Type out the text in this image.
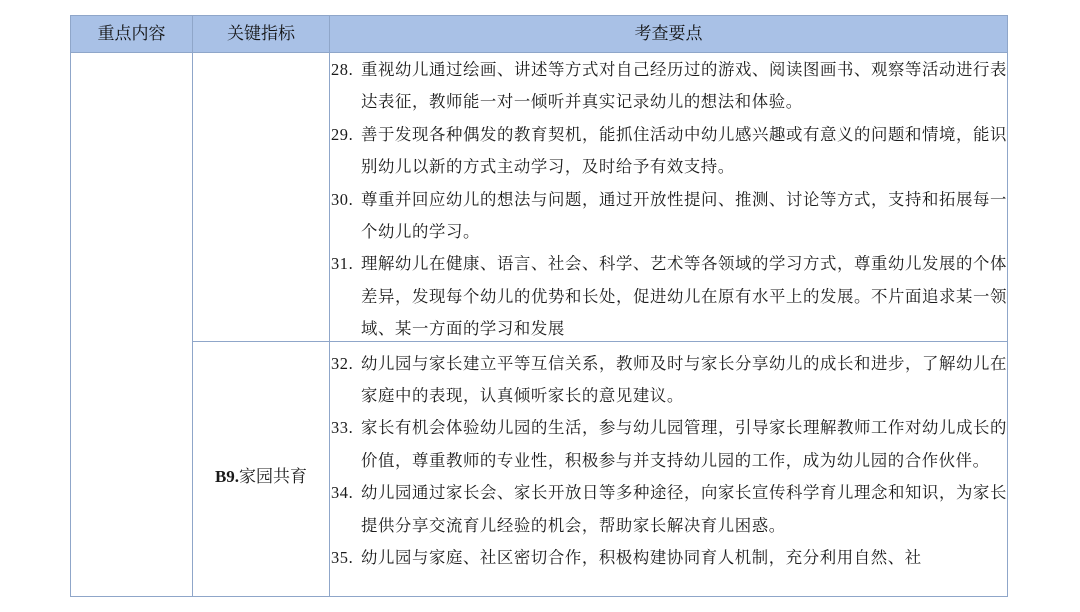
重点内容	关键指标	考查要点
B9.家园共育
28. 重视幼儿通过绘画、讲述等方式对自己经历过的游戏、阅读图画书、观察等活动进行表达表征，教师能一对一倾听并真实记录幼儿的想法和体验。
29. 善于发现各种偶发的教育契机，能抓住活动中幼儿感兴趣或有意义的问题和情境，能识别幼儿以新的方式主动学习，及时给予有效支持。
30. 尊重并回应幼儿的想法与问题，通过开放性提问、推测、讨论等方式，支持和拓展每一个幼儿的学习。
31. 理解幼儿在健康、语言、社会、科学、艺术等各领域的学习方式，尊重幼儿发展的个体差异，发现每个幼儿的优势和长处，促进幼儿在原有水平上的发展。不片面追求某一领域、某一方面的学习和发展
32. 幼儿园与家长建立平等互信关系，教师及时与家长分享幼儿的成长和进步，了解幼儿在家庭中的表现，认真倾听家长的意见建议。
33. 家长有机会体验幼儿园的生活，参与幼儿园管理，引导家长理解教师工作对幼儿成长的价值，尊重教师的专业性，积极参与并支持幼儿园的工作，成为幼儿园的合作伙伴。
34. 幼儿园通过家长会、家长开放日等多种途径，向家长宣传科学育儿理念和知识，为家长提供分享交流育儿经验的机会，帮助家长解决育儿困惑。
35. 幼儿园与家庭、社区密切合作，积极构建协同育人机制，充分利用自然、社
